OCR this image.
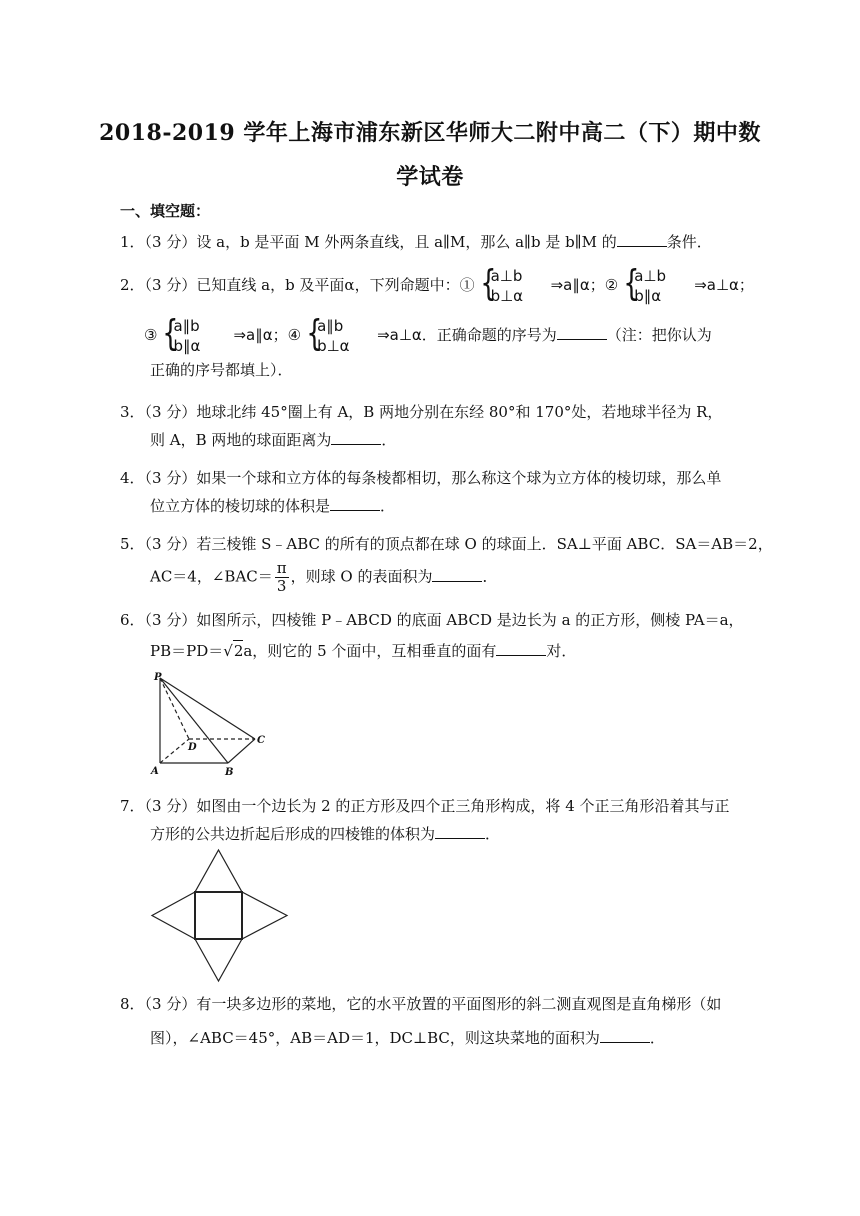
2018-2019 学年上海市浦东新区华师大二附中高二（下）期中数
学试卷
一、填空题：
1．（3 分）设 a，b 是平面 M 外两条直线，且 a∥M，那么 a∥b 是 b∥M 的	条件．
2．（3 分）已知直线 a，b 及平面α，下列命题中：① {
a⊥b
b⊥α
⇒a∥α；② {
a⊥b
b∥α
⇒a⊥α；
③ {
a∥b
b∥α
⇒a∥α；④ {
a∥b
b⊥α
⇒a⊥α．正确命题的序号为	（注：把你认为
正确的序号都填上）．
3．（3 分）地球北纬 45°圈上有 A，B 两地分别在东经 80°和 170°处，若地球半径为 R，
则 A，B 两地的球面距离为	．
4．（3 分）如果一个球和立方体的每条棱都相切，那么称这个球为立方体的棱切球，那么单
位立方体的棱切球的体积是	．
5．（3 分）若三棱锥 S﹣ABC 的所有的顶点都在球 O 的球面上．SA⊥平面 ABC．SA＝AB＝2，
AC＝4，∠BAC＝ $\frac{\pi}{3}$ ，则球 O 的表面积为	．
6．（3 分）如图所示，四棱锥 P﹣ABCD 的底面 ABCD 是边长为 a 的正方形，侧棱 PA＝a，
PB＝PD＝√2a，则它的 5 个面中，互相垂直的面有	对．
P
D
C
A	B
7．（3 分）如图由一个边长为 2 的正方形及四个正三角形构成，将 4 个正三角形沿着其与正
方形的公共边折起后形成的四棱锥的体积为	．
8．（3 分）有一块多边形的菜地，它的水平放置的平面图形的斜二测直观图是直角梯形（如
图），∠ABC＝45°，AB＝AD＝1，DC⊥BC，则这块菜地的面积为	．
